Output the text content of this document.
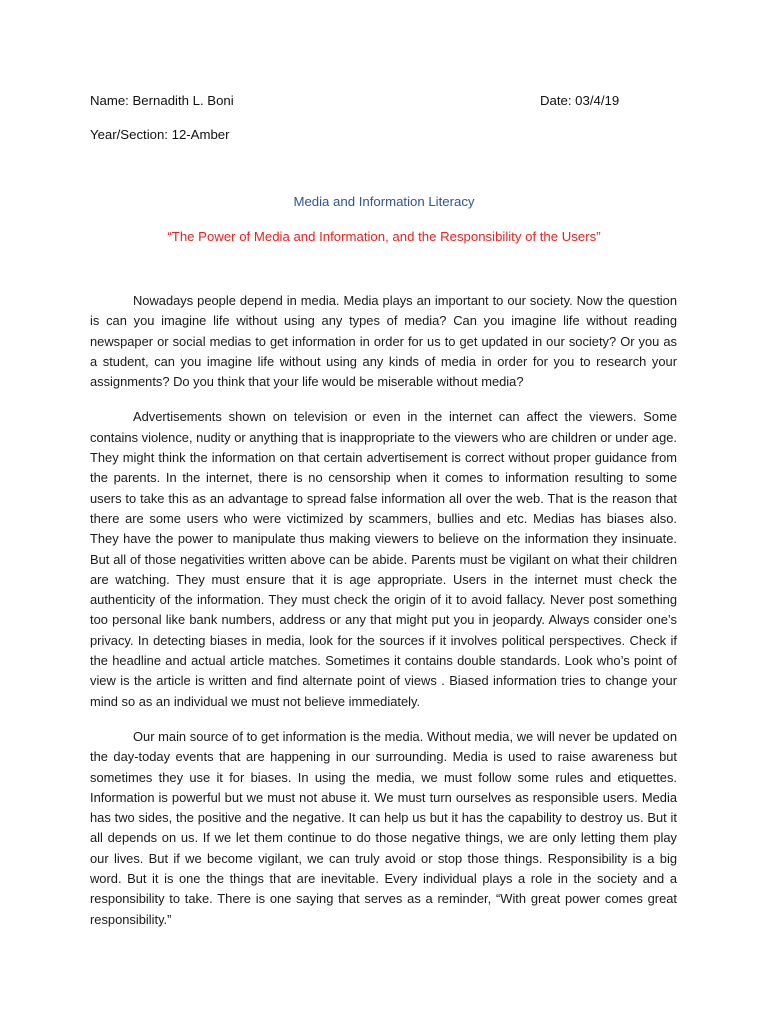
Name: Bernadith L. Boni	Date: 03/4/19
Year/Section: 12-Amber
Media and Information Literacy
“The Power of Media and Information, and the Responsibility of the Users”

Nowadays people depend in media. Media plays an important to our society. Now the question is can you imagine life without using any types of media? Can you imagine life without reading newspaper or social medias to get information in order for us to get updated in our society? Or you as a student, can you imagine life without using any kinds of media in order for you to research your assignments? Do you think that your life would be miserable without media?

Advertisements shown on television or even in the internet can affect the viewers. Some contains violence, nudity or anything that is inappropriate to the viewers who are children or under age. They might think the information on that certain advertisement is correct without proper guidance from the parents. In the internet, there is no censorship when it comes to information resulting to some users to take this as an advantage to spread false information all over the web. That is the reason that there are some users who were victimized by scammers, bullies and etc. Medias has biases also. They have the power to manipulate thus making viewers to believe on the information they insinuate. But all of those negativities written above can be abide. Parents must be vigilant on what their children are watching. They must ensure that it is age appropriate. Users in the internet must check the authenticity of the information. They must check the origin of it to avoid fallacy. Never post something too personal like bank numbers, address or any that might put you in jeopardy. Always consider one’s privacy. In detecting biases in media, look for the sources if it involves political perspectives. Check if the headline and actual article matches. Sometimes it contains double standards. Look who’s point of view is the article is written and find alternate point of views . Biased information tries to change your mind so as an individual we must not believe immediately.

Our main source of to get information is the media. Without media, we will never be updated on the day-today events that are happening in our surrounding. Media is used to raise awareness but sometimes they use it for biases. In using the media, we must follow some rules and etiquettes. Information is powerful but we must not abuse it. We must turn ourselves as responsible users. Media has two sides, the positive and the negative. It can help us but it has the capability to destroy us. But it all depends on us. If we let them continue to do those negative things, we are only letting them play our lives. But if we become vigilant, we can truly avoid or stop those things. Responsibility is a big word. But it is one the things that are inevitable. Every individual plays a role in the society and a responsibility to take. There is one saying that serves as a reminder, “With great power comes great responsibility.”
